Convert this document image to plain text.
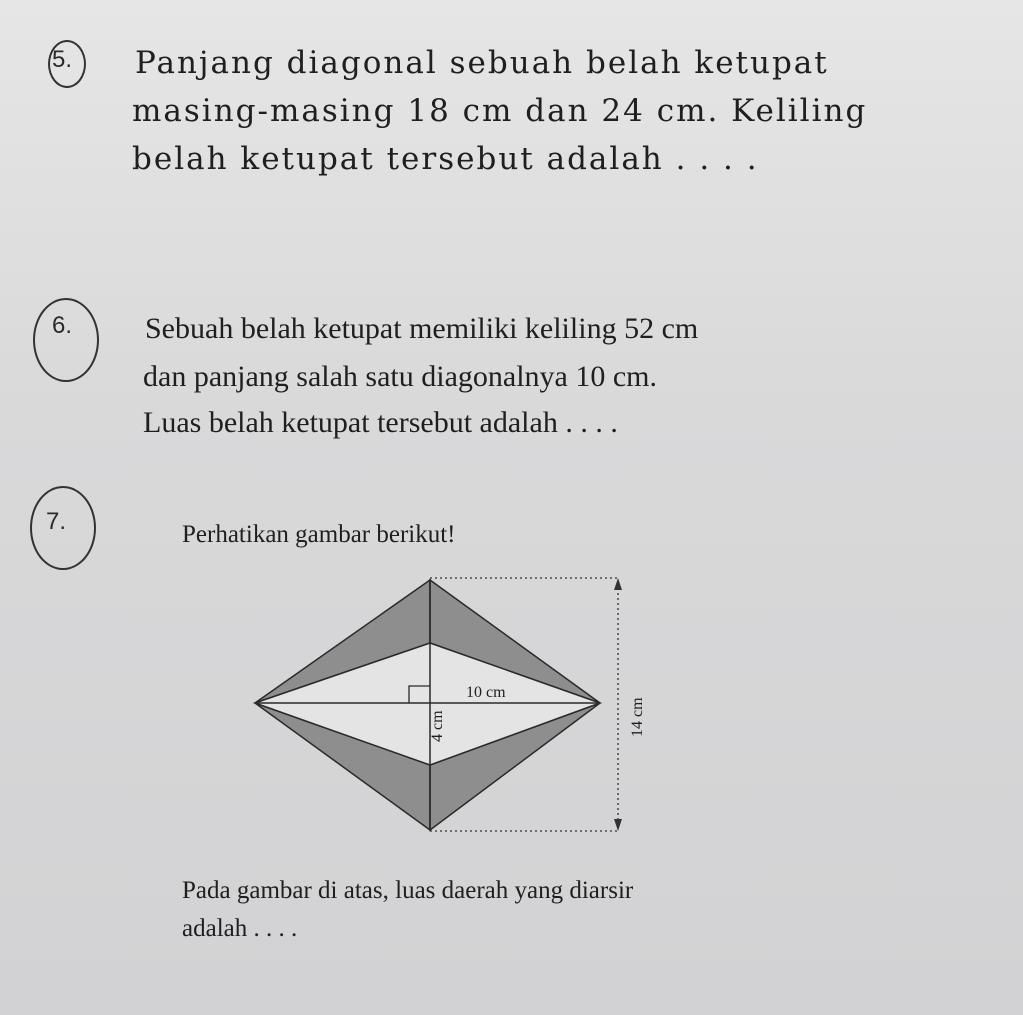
5. Panjang diagonal sebuah belah ketupat
masing-masing 18 cm dan 24 cm. Keliling
belah ketupat tersebut adalah . . . .
6. Sebuah belah ketupat memiliki keliling 52 cm
dan panjang salah satu diagonalnya 10 cm.
Luas belah ketupat tersebut adalah . . . .
7.	Perhatikan gambar berikut!
10 cm
4 cm	14 cm
Pada gambar di atas, luas daerah yang diarsir
adalah . . . .
